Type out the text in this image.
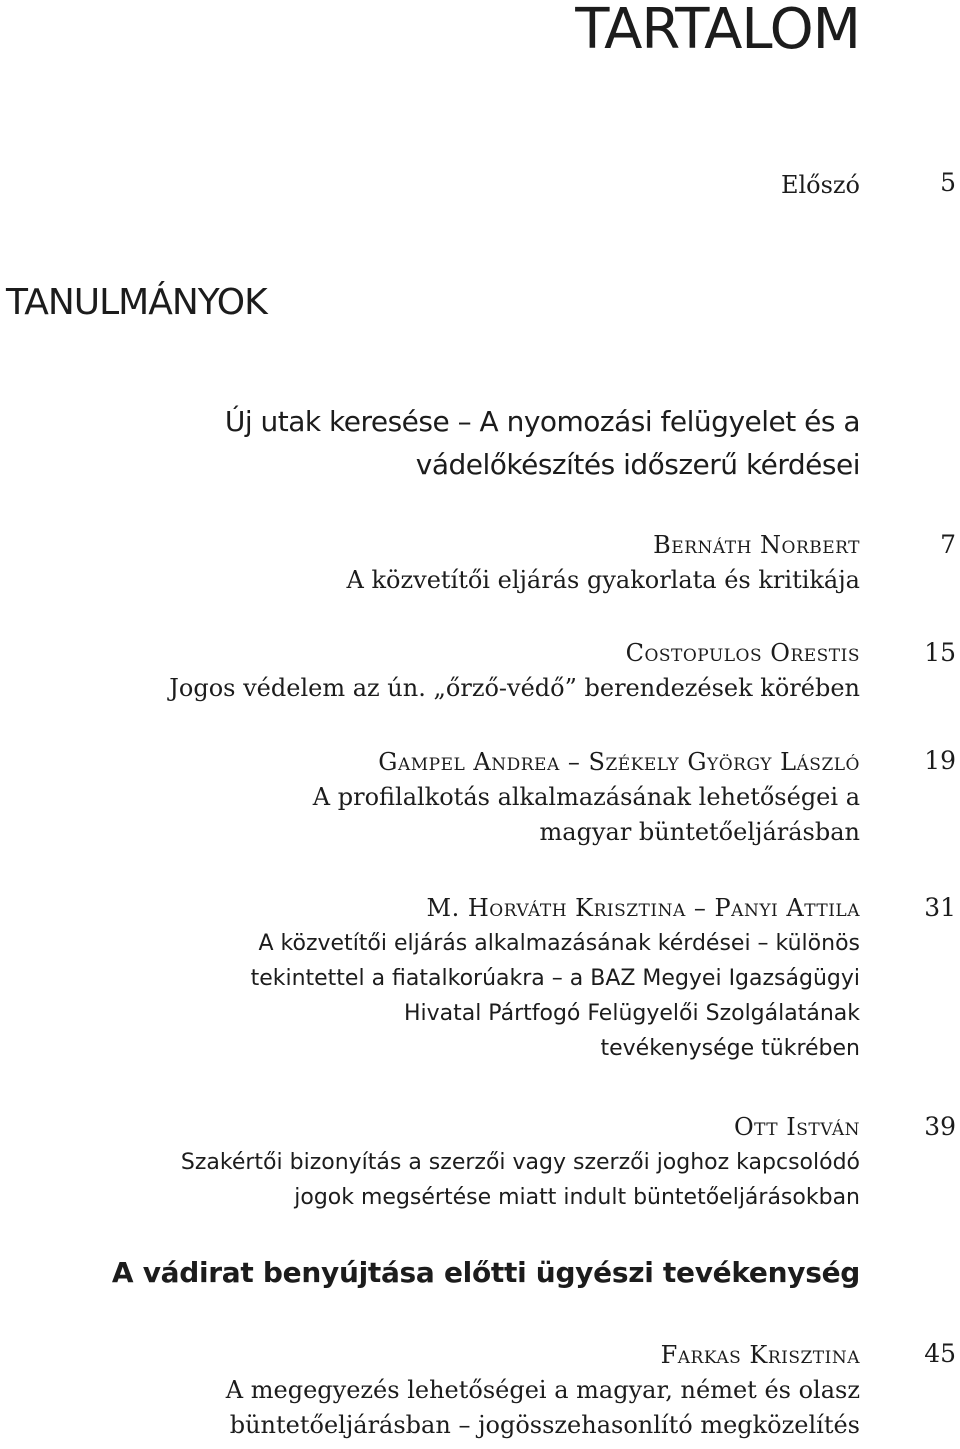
TARTALOM
Előszó	5
TANULMÁNYOK
Új utak keresése – A nyomozási felügyelet és a
vádelőkészítés időszerű kérdései
Bernáth Norbert
A közvetítői eljárás gyakorlata és kritikája
7
Costopulos Orestis
Jogos védelem az ún. „őrző-védő” berendezések körében
15
Gampel Andrea – Székely György László
A profilalkotás alkalmazásának lehetőségei a
magyar büntetőeljárásban
19
M. Horváth Krisztina – Panyi Attila
A közvetítői eljárás alkalmazásának kérdései – különös
tekintettel a fiatalkorúakra – a BAZ Megyei Igazságügyi
Hivatal Pártfogó Felügyelői Szolgálatának
tevékenysége tükrében
31
Ott István
Szakértői bizonyítás a szerzői vagy szerzői joghoz kapcsolódó
jogok megsértése miatt indult büntetőeljárásokban
39
A vádirat benyújtása előtti ügyészi tevékenység
Farkas Krisztina
A megegyezés lehetőségei a magyar, német és olasz
büntetőeljárásban – jogösszehasonlító megközelítés
45
